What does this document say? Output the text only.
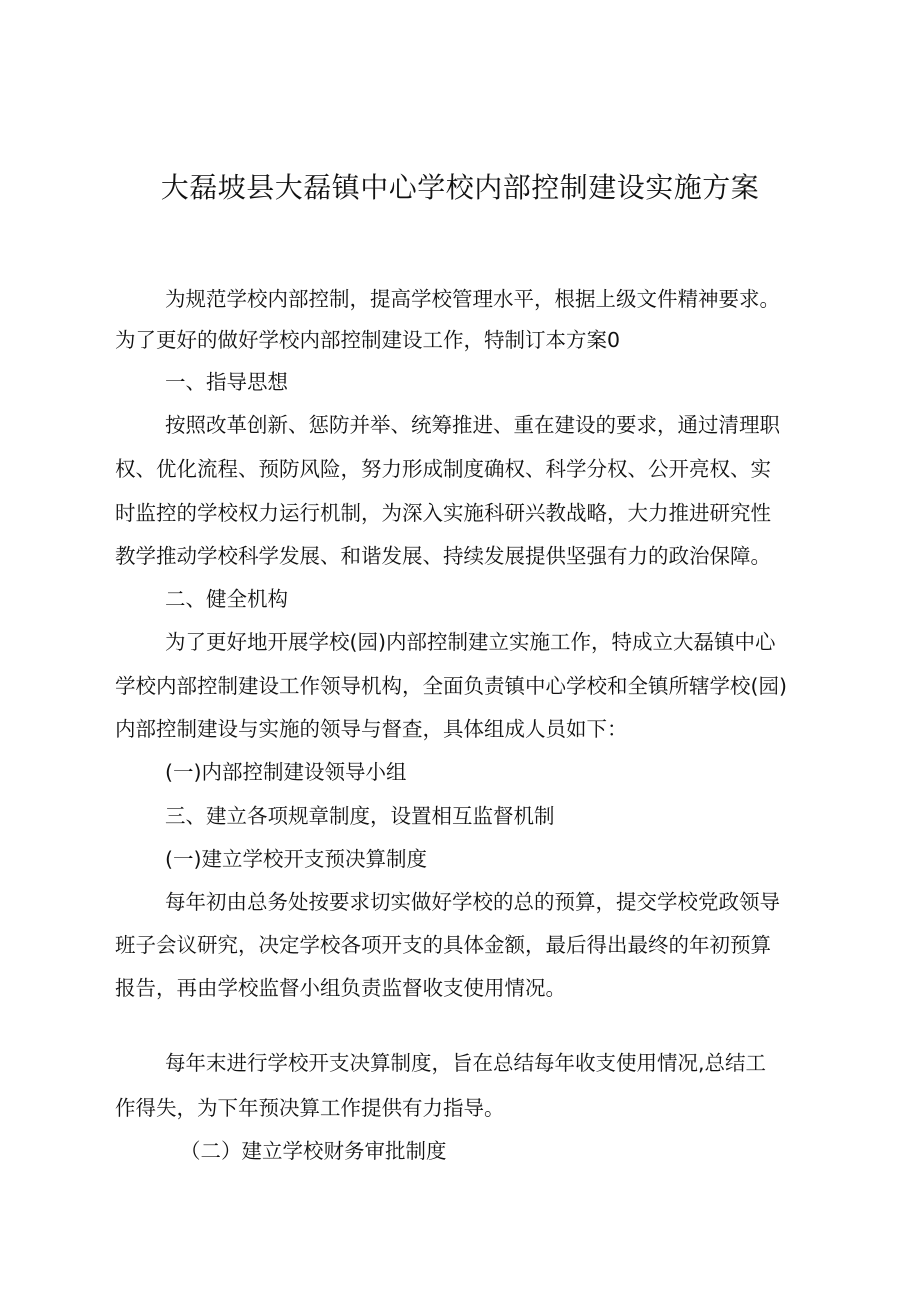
大磊坡县大磊镇中心学校内部控制建设实施方案
为规范学校内部控制，提高学校管理水平，根据上级文件精神要求。
为了更好的做好学校内部控制建设工作，特制订本方案0
一、指导思想
按照改革创新、惩防并举、统筹推进、重在建设的要求，通过清理职
权、优化流程、预防风险，努力形成制度确权、科学分权、公开亮权、实
时监控的学校权力运行机制，为深入实施科研兴教战略，大力推进研究性
教学推动学校科学发展、和谐发展、持续发展提供坚强有力的政治保障。
二、健全机构
为了更好地开展学校(园)内部控制建立实施工作，特成立大磊镇中心
学校内部控制建设工作领导机构，全面负责镇中心学校和全镇所辖学校(园)
内部控制建设与实施的领导与督查，具体组成人员如下：
(一)内部控制建设领导小组
三、建立各项规章制度，设置相互监督机制
(一)建立学校开支预决算制度
每年初由总务处按要求切实做好学校的总的预算，提交学校党政领导
班子会议研究，决定学校各项开支的具体金额，最后得出最终的年初预算
报告，再由学校监督小组负责监督收支使用情况。
每年末进行学校开支决算制度，旨在总结每年收支使用情况,总结工
作得失，为下年预决算工作提供有力指导。
（二）建立学校财务审批制度
